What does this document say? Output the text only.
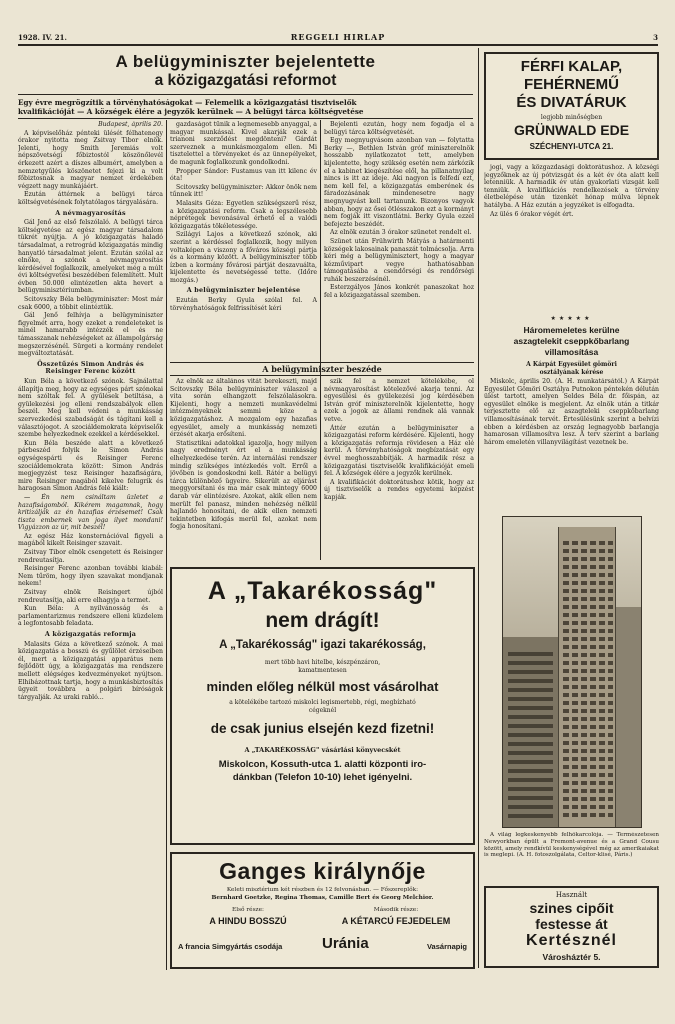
1928. IV. 21.	REGGELI HIRLAP	3
A belügyminiszter bejelentette
a közigazgatási reformot
Egy évre megrögzítik a törvényhatóságokat — Felemelik a közigazgatási tisztviselők
kvalifikációját — A községek élére a jegyzők kerülnek — A belügyi tárca költségvetése

Budapest, április 20.

A képviselőház pénteki ülését félhatenegy órakor nyitotta meg Zsitvay Tibor elnök. Jelenti, hogy Smith Jeremiás volt népszövetségi főbiztostól köszönőlevél érkezett azért a díszes albumért, amelyben a nemzetgyűlés köszönetet fejezi ki a volt főbiztosnak a magyar nemzet érdekében végzett nagy munkájáért.

Ezután áttérnek a belügyi tárca költségvetésének folytatólagos tárgyalására.

A névmagyarosítás

Gál Jenő az első felszólaló. A belügyi tárca költségvetése az egész magyar társadalom tükrét nyújtja. A jó közigazgatás haladó társadalmat, a retrográd közigazgatás mindig hanyatló társadalmat jelent. Ezután szólal az elnöke, a szónok a névmagyarosítás kérdésével foglalkozik, amelyeket még a múlt évi költségvetési beszédében felemlített. Mult évben 50.000 elintézetlen akta hevert a belügyminisztériumban.

Scitovszky Béla belügyminiszter: Most már csak 6000, a többit elintéztük.

Gál Jenő felhívja a belügyminiszter figyelmét arra, hogy ezeket a rendeleteket is minél hamarabb intézzék el és ne támasszanak nehézségeket az állampolgárság megszerzésénél. Sürgeti a kormány rendelet megváltoztatását.

Összetűzés Simon András és Reisinger Ferenc között

Kun Béla a következő szónok. Sajnálattal állapítja meg, hogy az egységes párt szónokai nem szóltak fel. A gyűlések betiltása, a gyülekezési jog elleni rendszabályok ellen beszél. Meg kell védeni a munkásság szervezkedési szabadságát és tágítani kell a választójogot. A szociáldemokrata képviselők szembe helyezkednek ezekkel a kérdésekkel.

Kun Béla beszéde alatt a következő párbeszéd folyik le Simon András egységespárti és Reisinger Ferenc szociáldemokrata között: Simon András megjegyzést tesz Reisinger hazafiságára, mire Reisinger magából kikelve felugrik és haragosan Simon András felé kiált:

— Én nem csináltam üzletet a hazafiságomból. Kikérem magamnak, hogy kritizálják az én hazafias érzésemet! Csak tiszta embernek van joga ilyet mondani! Vigyázzon az úr, mit beszél!

Az egész Ház konsternációval figyeli a magából kikelt Reisinger szavait.

Zsitvay Tibor elnök csengetett és Reisinger rendreutasítja.

Reisinger Ferenc azonban további kiabál: Nem tűröm, hogy ilyen szavakat mondjanak nekem!

Zsitvay elnök Reisingert újból rendreutasítja, aki erre elhagyja a termet.

Kun Béla: A nyilvánosság és a parlamentarizmus rendszere elleni küzdelem a legfontosabb feladata.

A közigazgatás reformja

Malasits Géza a következő szónok. A mai közigazgatás a bosszú és gyűlölet érzéseiben él, mert a közigazgatási apparátus nem fejlődött úgy, a közigazgatás ma rendszere mellett elégséges kedvezményeket nyújtson. Elhibázottnak tartja, hogy a munkásbiztosítás ügyeit továbbra a polgári bíróságok tárgyalják. Az uraki rabló...

gazdaságot tűnik a legnemesebb anyaggal, a magyar munkással. Kivel akarják ezek a trianoni szerződést megdönteni? Gárdát szerveznek a munkásmozgalom ellen. Mi tisztelettel a törvényeket és az ünnepélyeket, de magunk foglalkozunk gondolkodni.

Propper Sándor: Fustamus van itt kilenc év óta!

Scitovszky belügyminiszter: Akkor önök nem tűnnek itt!

Malasits Géza: Egyetlen szükségszerű rész, a közigazgatási reform. Csak a legszélesebb néprétegek bevonásával érhető el a valódi közigazgatás tökéletessége.

Szilágyi Lajos a következő szónok, aki szerint a kérdéssel foglalkozik, hogy milyen voltaképen a viszony a főváros községi pártja és a kormány között. A belügyminiszter több ízben a kormány fővárosi pártját deszavuálta, kijelentette és nevetségessé tette. (Időre mozgás.)

A belügyminiszter bejelentése

Ezután Berky Gyula szólal fel. A törvényhatóságok felfrissítését kéri

Bejelenti ezután, hogy nem fogadja el a belügyi tárca költségvetését.

Egy megnyugvásom azonban van — folytatta Berky —, Bethlen István gróf miniszterelnök hosszabb nyilatkozatot tett, amelyben kijelentette, hogy szükség esetén nem zárkózik el a kabinet kiegészítése elől, ha pillanatnyilag nincs is itt az ideje. Aki nagyon is felfedi ezt, nem kell fel, a közigazgatás emberének és fáradozásának mindenesetre nagy megnyugvást kell tartanunk. Bizonyos vagyok abban, hogy az ősei ötlésszakon ezt a kormányt nem fogják itt viszontlátni. Berky Gyula ezzel befejezte beszédét.

Az elnök ezután 3 órakor szünetet rendelt el.

Szünet után Frühwirth Mátyás a határmenti községek lakosainak panaszát tolmácsolja. Arra kéri még a belügyminisztert, hogy a magyar kézművipart vegye hathatósabban támogatásába a csendőrségi és rendőrségi ruhák beszerzésénél.

Esterzgályos János konkrét panaszokat hoz fel a közigazgatással szemben.

A belügyminiszter beszéde

Az elnök az általános vitát berekeszti, majd Scitovszky Béla belügyminiszter válaszol a vita során elhangzott felszólalásokra. Kijelenti, hogy a nemzeti munkavédelmi intézményeknek semmi köze a közigazgatáshoz. A mozgalom egy hazafias egyesület, amely a munkásság nemzeti érzését akarja erősíteni.

Statisztikai adatokkal igazolja, hogy milyen nagy eredményt ért el a munkásság elhelyezkedése terén. Az internálási rendszer mindig szükséges intézkedés volt. Erről a jövőben is gondoskodni kell. Rátér a belügyi tárca különböző ügyeire. Sikerült az eljárást meggyorsítani és ma már csak mintegy 6000 darab vár elintézésre. Azokat, akik ellen nem merült fel panasz, minden nehézség nélkül hajlandó honosítani, de akik ellen nemzeti tekintetben kifogás merül fel, azokat nem fogja honosítani.

szik fel a nemzet kötelékébe, ol névmagyarosítást kötelezővé akarja tenni. Az egyesülési és gyülekezési jog kérdésében István gróf miniszterelnök kijelentette, hogy ezek a jogok az állami rendnek alá vannak vetve.

Áttér ezután a belügyminiszter a közigazgatási reform kérdésére. Kijelenti, hogy a közigazgatás reformja rövidesen a Ház elé kerül. A törvényhatóságok megbízatását egy évvel meghosszabbítják. A harmadik rész a közigazgatási tisztviselők kvalifikációját emeli fel. A községek élére a jegyzők kerülnek.

A kvalifikációt doktorátushoz kötik, hogy az új tisztviselők a rendes egyetemi képzést kapják.

A „Takarékosság"
nem drágít!
A „Takarékosság" igazi takarékosság,
mert több havi hitelbe, készpénzáron, kamatmentesen
minden előleg nélkül most vásárolhat
a kötelékébe tartozó miskolci legismertebb, régi, megbízható cégeknél
de csak junius elsején kezd fizetni!
A „TAKARÉKOSSÁG" vásárlási könyvecskét
Miskolcon, Kossuth-utca 1. alatti központi iro-
dánkban (Telefon 10-10) lehet igényelni.
Ganges királynője
Keleti misztérium két részben és 12 felvonásban. — Főszereplők:
Bernhard Goetzke, Regina Thomas, Camille Bert és Georg Melchior.
Első része:	Második része:
A HINDU BOSSZÚ	A KÉTARCÚ FEJEDELEM
A francia Simgyártás csodája	Uránia	Vasárnapig
FÉRFI KALAP,
FEHÉRNEMŰ
ÉS DIVATÁRUK
legjobb minőségben
GRÜNWALD EDE
SZÉCHENYI-UTCA 21.

jogi, vagy a közgazdasági doktorátushoz. A községi jegyzőknek az új pótvizsgát és a két év óta alatt kell letenniük. A harmadik év után gyakorlati vizsgát kell tenniük. A kvalifikációs rendelkezések a törvény életbelépése után tizenkét hónap múlva lépnek hatályba. A Ház ezután a jegyzéket is elfogadta.

Az ülés 6 órakor végét ért.

★★★★★
Háromemeletes kerülne
aszagtelekit cseppkőbarlang
villamosítása
A Kárpát Egyesület gömöri
osztályának kérése

Miskolc, április 20. (A. H. munkatársától.) A Kárpát Egyesület Gömöri Osztálya Putnokon péntekén délután ülést tartott, amelyen Seldes Béla dr. főispán, az egyesület elnöke is megjelent. Az elnök után a titkár terjesztette elő az aszagteleki cseppkőbarlang villamosításának tervét. Értesülésünk szerint a belvízi ebben a kérdésben az ország legnagyobb barlangja hamarosan villamosítva lesz. A terv szerint a barlang három emeletén villanyvilágítást vezetnek be.

A világ legkeskenyebb felhőkarcolója. — Természetesen Newyorkban épült a Fremont-avenue és a Grand Cousu között, amely rendkívül keskenységével még az amerikaiakat is meglepi. (A. H. fotoszolgálata, Celtor-klisé, Páris.)

Használt
szines cipőit
festesse át
Kertésznél
Városháztér 5.
